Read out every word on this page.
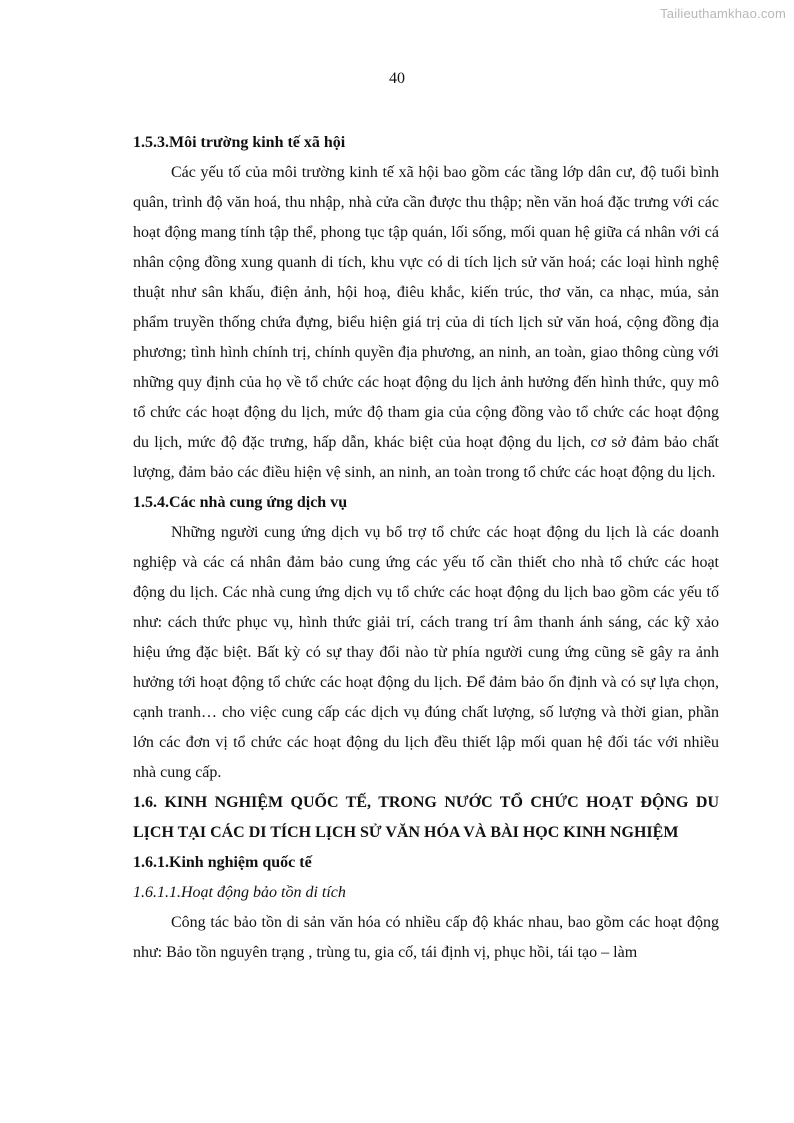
Tailieuthamkhao.com
40

1.5.3.Môi trường kinh tế xã hội

Các yếu tố của môi trường kinh tế xã hội bao gồm các tầng lớp dân cư, độ tuổi bình quân, trình độ văn hoá, thu nhập, nhà cửa cần được thu thập; nền văn hoá đặc trưng với các hoạt động mang tính tập thể, phong tục tập quán, lối sống, mối quan hệ giữa cá nhân với cá nhân cộng đồng xung quanh di tích, khu vực có di tích lịch sử văn hoá; các loại hình nghệ thuật như sân khấu, điện ảnh, hội hoạ, điêu khắc, kiến trúc, thơ văn, ca nhạc, múa, sản phẩm truyền thống chứa đựng, biểu hiện giá trị của di tích lịch sử văn hoá, cộng đồng địa phương; tình hình chính trị, chính quyền địa phương, an ninh, an toàn, giao thông cùng với những quy định của họ về tổ chức các hoạt động du lịch ảnh hưởng đến hình thức, quy mô tổ chức các hoạt động du lịch, mức độ tham gia của cộng đồng vào tổ chức các hoạt động du lịch, mức độ đặc trưng, hấp dẫn, khác biệt của hoạt động du lịch, cơ sở đảm bảo chất lượng, đảm bảo các điều hiện vệ sinh, an ninh, an toàn trong tổ chức các hoạt động du lịch.

1.5.4.Các nhà cung ứng dịch vụ

Những người cung ứng dịch vụ bổ trợ tổ chức các hoạt động du lịch là các doanh nghiệp và các cá nhân đảm bảo cung ứng các yếu tố cần thiết cho nhà tổ chức các hoạt động du lịch. Các nhà cung ứng dịch vụ tổ chức các hoạt động du lịch bao gồm các yếu tố như: cách thức phục vụ, hình thức giải trí, cách trang trí âm thanh ánh sáng, các kỹ xảo hiệu ứng đặc biệt. Bất kỳ có sự thay đổi nào từ phía người cung ứng cũng sẽ gây ra ảnh hưởng tới hoạt động tổ chức các hoạt động du lịch. Để đảm bảo ổn định và có sự lựa chọn, cạnh tranh… cho việc cung cấp các dịch vụ đúng chất lượng, số lượng và thời gian, phần lớn các đơn vị tổ chức các hoạt động du lịch đều thiết lập mối quan hệ đối tác với nhiều nhà cung cấp.

1.6. KINH NGHIỆM QUỐC TẾ, TRONG NƯỚC TỔ CHỨC HOẠT ĐỘNG DU LỊCH TẠI CÁC DI TÍCH LỊCH SỬ VĂN HÓA VÀ BÀI HỌC KINH NGHIỆM

1.6.1.Kinh nghiệm quốc tế

1.6.1.1.Hoạt động bảo tồn di tích

Công tác bảo tồn di sản văn hóa có nhiều cấp độ khác nhau, bao gồm các hoạt động như: Bảo tồn nguyên trạng , trùng tu, gia cố, tái định vị, phục hồi, tái tạo – làm
